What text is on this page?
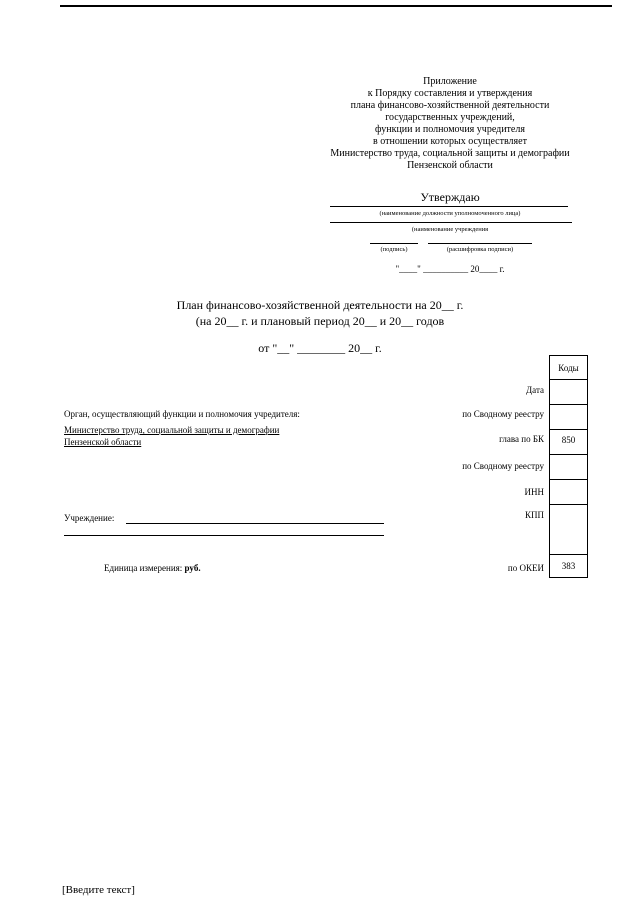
Приложение
к Порядку составления и утверждения
плана финансово-хозяйственной деятельности
государственных учреждений,
функции и полномочия учредителя
в отношении которых осуществляет
Министерство труда, социальной защиты и демографии
Пензенской области
Утверждаю
(наименование должности уполномоченного лица)
(наименование учреждения
(подпись)	(расшифровка подписи)
"____" __________ 20____ г.
План финансово-хозяйственной деятельности на 20__ г.
(на 20__ г. и плановый период 20__ и 20__ годов
от "__" ________ 20__ г.
Коды
850
383
Дата
по Сводному реестру
глава по БК
по Сводному реестру
ИНН
КПП
по ОКЕИ
Орган, осуществляющий функции и полномочия учредителя:
Министерство труда, социальной защиты и демографии
Пензенской области
Учреждение:
Единица измерения: руб.
[Введите текст]
